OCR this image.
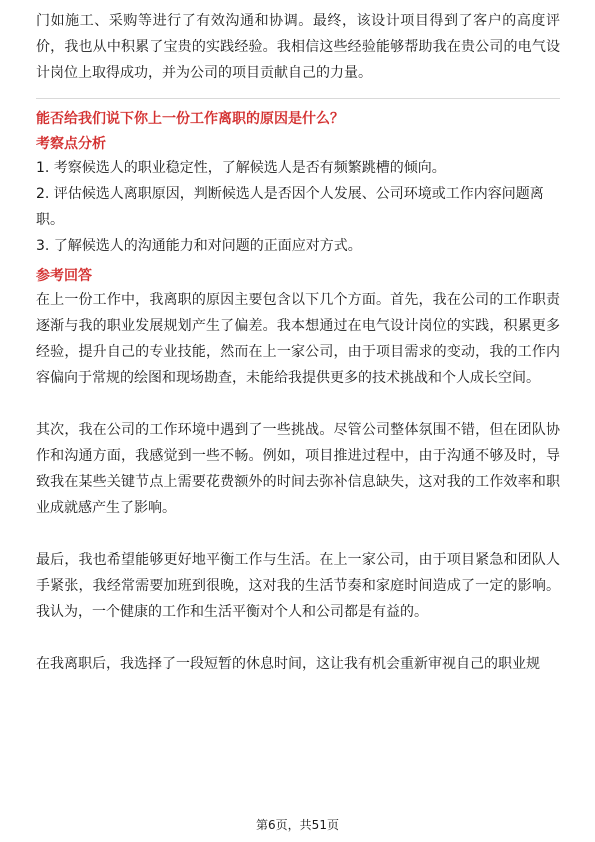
门如施工、采购等进行了有效沟通和协调。最终，该设计项目得到了客户的高度评价，我也从中积累了宝贵的实践经验。我相信这些经验能够帮助我在贵公司的电气设计岗位上取得成功，并为公司的项目贡献自己的力量。

能否给我们说下你上一份工作离职的原因是什么？

考察点分析

1. 考察候选人的职业稳定性，了解候选人是否有频繁跳槽的倾向。

2. 评估候选人离职原因，判断候选人是否因个人发展、公司环境或工作内容问题离职。

3. 了解候选人的沟通能力和对问题的正面应对方式。

参考回答

在上一份工作中，我离职的原因主要包含以下几个方面。首先，我在公司的工作职责逐渐与我的职业发展规划产生了偏差。我本想通过在电气设计岗位的实践，积累更多经验，提升自己的专业技能，然而在上一家公司，由于项目需求的变动，我的工作内容偏向于常规的绘图和现场勘查，未能给我提供更多的技术挑战和个人成长空间。

其次，我在公司的工作环境中遇到了一些挑战。尽管公司整体氛围不错，但在团队协作和沟通方面，我感觉到一些不畅。例如，项目推进过程中，由于沟通不够及时，导致我在某些关键节点上需要花费额外的时间去弥补信息缺失，这对我的工作效率和职业成就感产生了影响。

最后，我也希望能够更好地平衡工作与生活。在上一家公司，由于项目紧急和团队人手紧张，我经常需要加班到很晚，这对我的生活节奏和家庭时间造成了一定的影响。我认为，一个健康的工作和生活平衡对个人和公司都是有益的。

在我离职后，我选择了一段短暂的休息时间，这让我有机会重新审视自己的职业规

第6页，共51页
